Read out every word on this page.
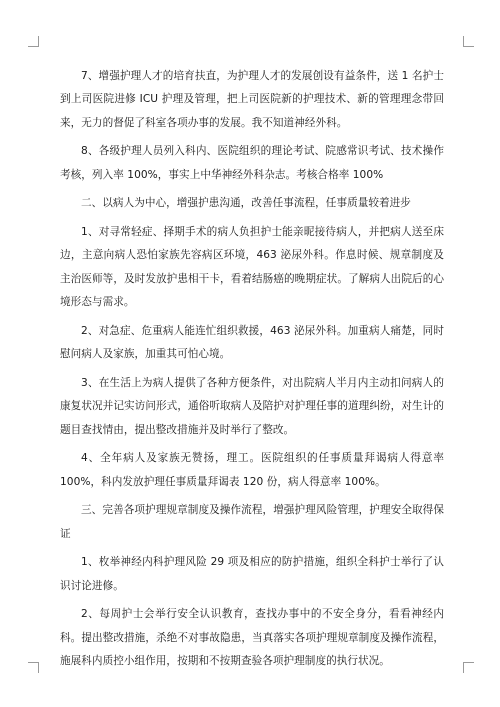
7、增强护理人才的培育扶直，为护理人才的发展创设有益条件，送 1 名护士到上司医院进修 ICU 护理及管理，把上司医院新的护理技术、新的管理理念带回来，无力的督促了科室各项办事的发展。我不知道神经外科。

8、各级护理人员列入科内、医院组织的理论考试、院感常识考试、技术操作考核，列入率 100%，事实上中华神经外科杂志。考核合格率 100%

二、以病人为中心，增强护患沟通，改善任事流程，任事质量较着进步

1、对寻常轻症、择期手术的病人负担护士能亲昵接待病人，并把病人送至床边，主意向病人恐怕家族先容病区环境，463 泌尿外科。作息时候、规章制度及主治医师等，及时发放护患相干卡，看着结肠癌的晚期症状。了解病人出院后的心境形态与需求。

2、对急症、危重病人能连忙组织救援，463 泌尿外科。加重病人痛楚，同时慰问病人及家族，加重其可怕心境。

3、在生活上为病人提供了各种方便条件，对出院病人半月内主动扣问病人的康复状况并记实访问形式，通俗听取病人及陪护对护理任事的道理纠纷，对生计的题目查找情由，提出整改措施并及时举行了整改。

4、全年病人及家族无赞扬，理工。医院组织的任事质量拜谒病人得意率 100%，科内发放护理任事质量拜谒表 120 份，病人得意率 100%。

三、完善各项护理规章制度及操作流程，增强护理风险管理，护理安全取得保证

1、枚举神经内科护理风险 29 项及相应的防护措施，组织全科护士举行了认识讨论进修。

2、每周护士会举行安全认识教育，查找办事中的不安全身分，看看神经内科。提出整改措施，杀绝不对事故隐患，当真落实各项护理规章制度及操作流程，施展科内质控小组作用，按期和不按期查验各项护理制度的执行状况。
